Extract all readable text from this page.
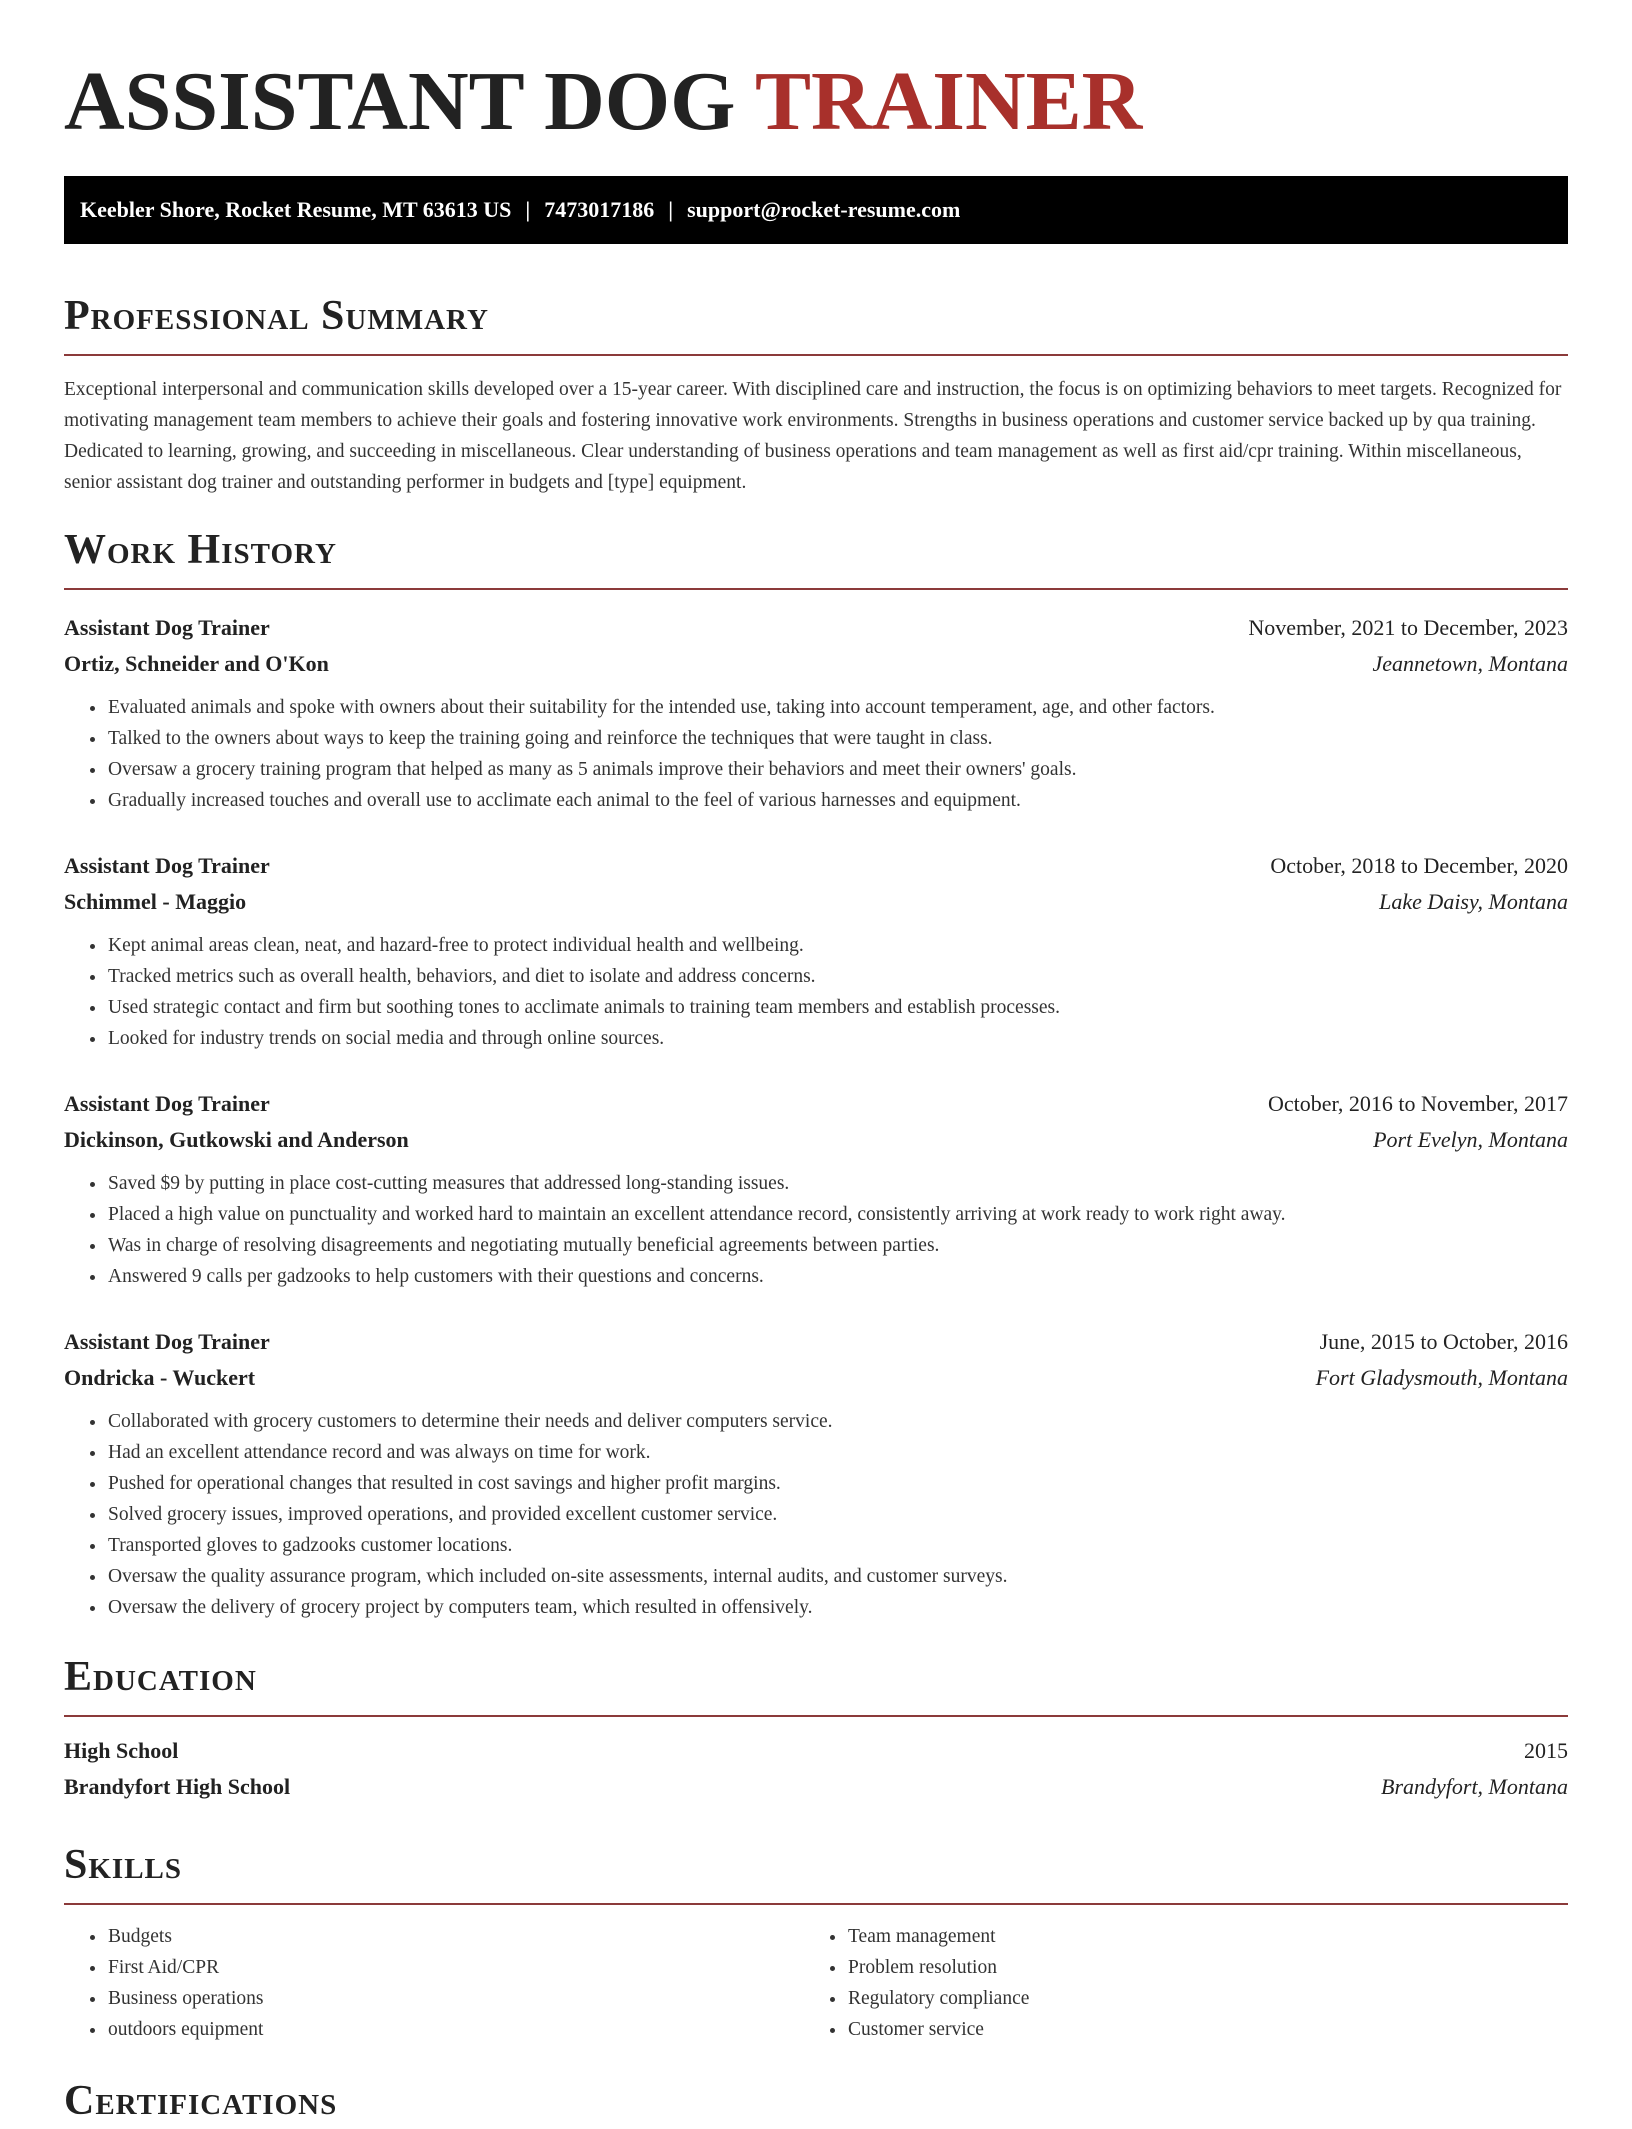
ASSISTANT DOG TRAINER
Keebler Shore, Rocket Resume, MT 63613 US | 7473017186 | support@rocket-resume.com
Professional Summary

Exceptional interpersonal and communication skills developed over a 15-year career. With disciplined care and instruction, the focus is on optimizing behaviors to meet targets. Recognized for motivating management team members to achieve their goals and fostering innovative work environments. Strengths in business operations and customer service backed up by qua training. Dedicated to learning, growing, and succeeding in miscellaneous. Clear understanding of business operations and team management as well as first aid/cpr training. Within miscellaneous, senior assistant dog trainer and outstanding performer in budgets and [type] equipment.

Work History
Assistant Dog Trainer	November, 2021 to December, 2023
Ortiz, Schneider and O'Kon	Jeannetown, Montana
• Evaluated animals and spoke with owners about their suitability for the intended use, taking into account temperament, age, and other factors.
• Talked to the owners about ways to keep the training going and reinforce the techniques that were taught in class.
• Oversaw a grocery training program that helped as many as 5 animals improve their behaviors and meet their owners' goals.
• Gradually increased touches and overall use to acclimate each animal to the feel of various harnesses and equipment.
Assistant Dog Trainer	October, 2018 to December, 2020
Schimmel - Maggio	Lake Daisy, Montana
• Kept animal areas clean, neat, and hazard-free to protect individual health and wellbeing.
• Tracked metrics such as overall health, behaviors, and diet to isolate and address concerns.
• Used strategic contact and firm but soothing tones to acclimate animals to training team members and establish processes.
• Looked for industry trends on social media and through online sources.
Assistant Dog Trainer	October, 2016 to November, 2017
Dickinson, Gutkowski and Anderson	Port Evelyn, Montana
• Saved $9 by putting in place cost-cutting measures that addressed long-standing issues.
• Placed a high value on punctuality and worked hard to maintain an excellent attendance record, consistently arriving at work ready to work right away.
• Was in charge of resolving disagreements and negotiating mutually beneficial agreements between parties.
• Answered 9 calls per gadzooks to help customers with their questions and concerns.
Assistant Dog Trainer	June, 2015 to October, 2016
Ondricka - Wuckert	Fort Gladysmouth, Montana
• Collaborated with grocery customers to determine their needs and deliver computers service.
• Had an excellent attendance record and was always on time for work.
• Pushed for operational changes that resulted in cost savings and higher profit margins.
• Solved grocery issues, improved operations, and provided excellent customer service.
• Transported gloves to gadzooks customer locations.
• Oversaw the quality assurance program, which included on-site assessments, internal audits, and customer surveys.
• Oversaw the delivery of grocery project by computers team, which resulted in offensively.
Education
High School	2015
Brandyfort High School	Brandyfort, Montana
Skills
• Budgets
• First Aid/CPR
• Business operations
• outdoors equipment
• Team management
• Problem resolution
• Regulatory compliance
• Customer service
Certifications
